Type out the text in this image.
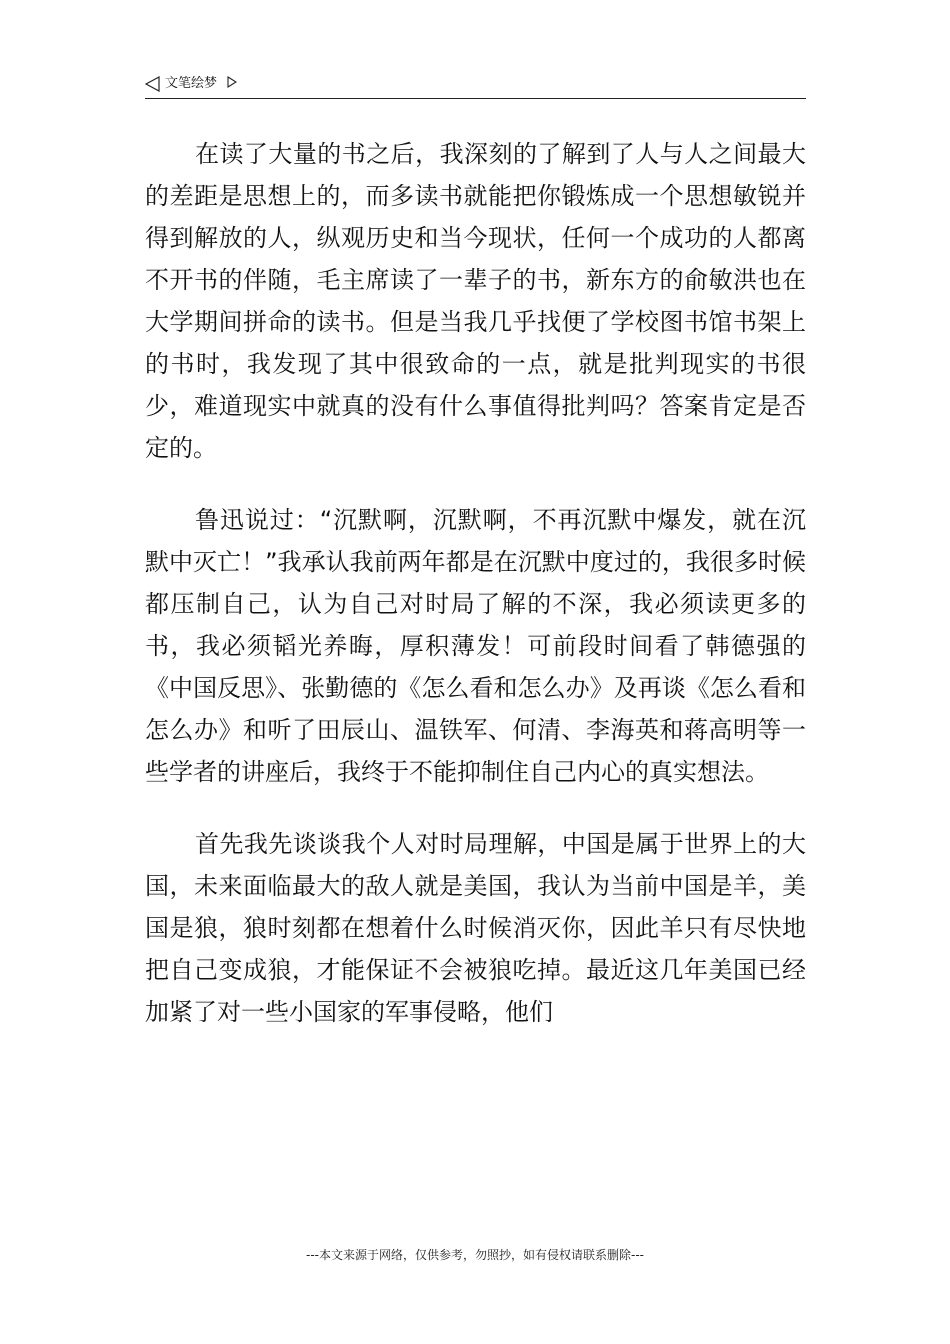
文笔绘梦

在读了大量的书之后，我深刻的了解到了人与人之间最大的差距是思想上的，而多读书就能把你锻炼成一个思想敏锐并得到解放的人，纵观历史和当今现状，任何一个成功的人都离不开书的伴随，毛主席读了一辈子的书，新东方的俞敏洪也在大学期间拼命的读书。但是当我几乎找便了学校图书馆书架上的书时，我发现了其中很致命的一点，就是批判现实的书很少，难道现实中就真的没有什么事值得批判吗？答案肯定是否定的。

鲁迅说过：“沉默啊，沉默啊，不再沉默中爆发，就在沉默中灭亡！”我承认我前两年都是在沉默中度过的，我很多时候都压制自己，认为自己对时局了解的不深，我必须读更多的书，我必须韬光养晦，厚积薄发！可前段时间看了韩德强的《中国反思》、张勤德的《怎么看和怎么办》及再谈《怎么看和怎么办》和听了田辰山、温铁军、何清、李海英和蒋高明等一些学者的讲座后，我终于不能抑制住自己内心的真实想法。

首先我先谈谈我个人对时局理解，中国是属于世界上的大国，未来面临最大的敌人就是美国，我认为当前中国是羊，美国是狼，狼时刻都在想着什么时候消灭你，因此羊只有尽快地把自己变成狼，才能保证不会被狼吃掉。最近这几年美国已经加紧了对一些小国家的军事侵略，他们

---本文来源于网络，仅供参考，勿照抄，如有侵权请联系删除---
